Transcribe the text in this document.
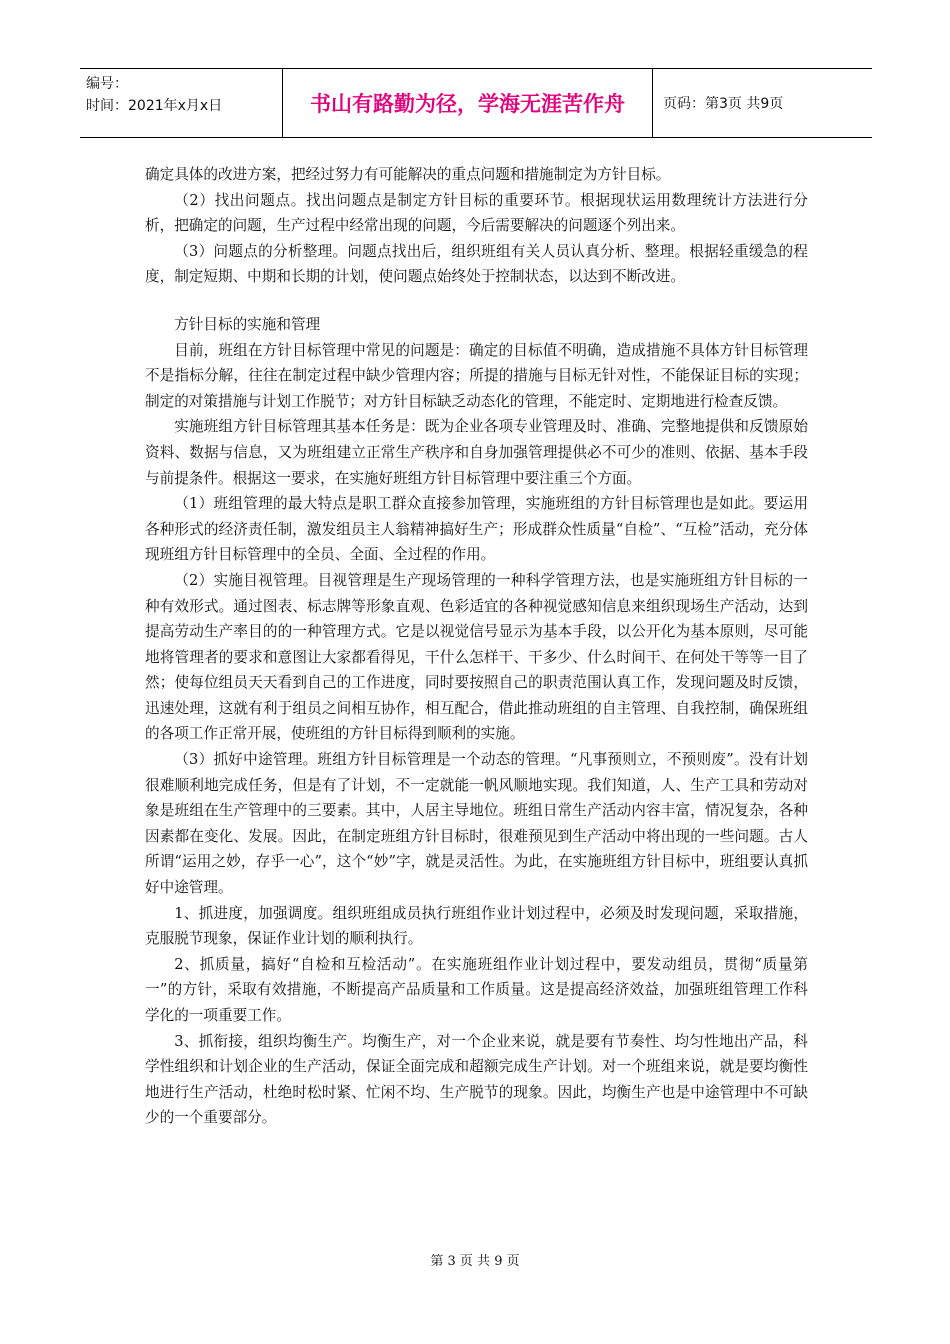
编号：
时间：2021年x月x日	书山有路勤为径，学海无涯苦作舟	页码：第3页 共9页

确定具体的改进方案，把经过努力有可能解决的重点问题和措施制定为方针目标。

（2）找出问题点。找出问题点是制定方针目标的重要环节。根据现状运用数理统计方法进行分析，把确定的问题，生产过程中经常出现的问题，今后需要解决的问题逐个列出来。

（3）问题点的分析整理。问题点找出后，组织班组有关人员认真分析、整理。根据轻重缓急的程度，制定短期、中期和长期的计划，使问题点始终处于控制状态，以达到不断改进。

方针目标的实施和管理

目前，班组在方针目标管理中常见的问题是：确定的目标值不明确，造成措施不具体方针目标管理不是指标分解，往往在制定过程中缺少管理内容；所提的措施与目标无针对性，不能保证目标的实现；制定的对策措施与计划工作脱节；对方针目标缺乏动态化的管理，不能定时、定期地进行检查反馈。

实施班组方针目标管理其基本任务是：既为企业各项专业管理及时、准确、完整地提供和反馈原始资料、数据与信息，又为班组建立正常生产秩序和自身加强管理提供必不可少的准则、依据、基本手段与前提条件。根据这一要求，在实施好班组方针目标管理中要注重三个方面。

（1）班组管理的最大特点是职工群众直接参加管理，实施班组的方针目标管理也是如此。要运用各种形式的经济责任制，激发组员主人翁精神搞好生产；形成群众性质量“自检”、“互检”活动，充分体现班组方针目标管理中的全员、全面、全过程的作用。

（2）实施目视管理。目视管理是生产现场管理的一种科学管理方法，也是实施班组方针目标的一种有效形式。通过图表、标志牌等形象直观、色彩适宜的各种视觉感知信息来组织现场生产活动，达到提高劳动生产率目的的一种管理方式。它是以视觉信号显示为基本手段，以公开化为基本原则，尽可能地将管理者的要求和意图让大家都看得见，干什么怎样干、干多少、什么时间干、在何处干等等一目了然；使每位组员天天看到自己的工作进度，同时要按照自己的职责范围认真工作，发现问题及时反馈，迅速处理，这就有利于组员之间相互协作，相互配合，借此推动班组的自主管理、自我控制，确保班组的各项工作正常开展，使班组的方针目标得到顺利的实施。

（3）抓好中途管理。班组方针目标管理是一个动态的管理。“凡事预则立，不预则废”。没有计划很难顺利地完成任务，但是有了计划，不一定就能一帆风顺地实现。我们知道，人、生产工具和劳动对象是班组在生产管理中的三要素。其中，人居主导地位。班组日常生产活动内容丰富，情况复杂，各种因素都在变化、发展。因此，在制定班组方针目标时，很难预见到生产活动中将出现的一些问题。古人所谓“运用之妙，存乎一心”，这个“妙”字，就是灵活性。为此，在实施班组方针目标中，班组要认真抓好中途管理。

1、抓进度，加强调度。组织班组成员执行班组作业计划过程中，必须及时发现问题，采取措施，克服脱节现象，保证作业计划的顺利执行。

2、抓质量，搞好“自检和互检活动”。在实施班组作业计划过程中，要发动组员，贯彻“质量第一”的方针，采取有效措施，不断提高产品质量和工作质量。这是提高经济效益，加强班组管理工作科学化的一项重要工作。

3、抓衔接，组织均衡生产。均衡生产，对一个企业来说，就是要有节奏性、均匀性地出产品，科学性组织和计划企业的生产活动，保证全面完成和超额完成生产计划。对一个班组来说，就是要均衡性地进行生产活动，杜绝时松时紧、忙闲不均、生产脱节的现象。因此，均衡生产也是中途管理中不可缺少的一个重要部分。

第 3 页 共 9 页
